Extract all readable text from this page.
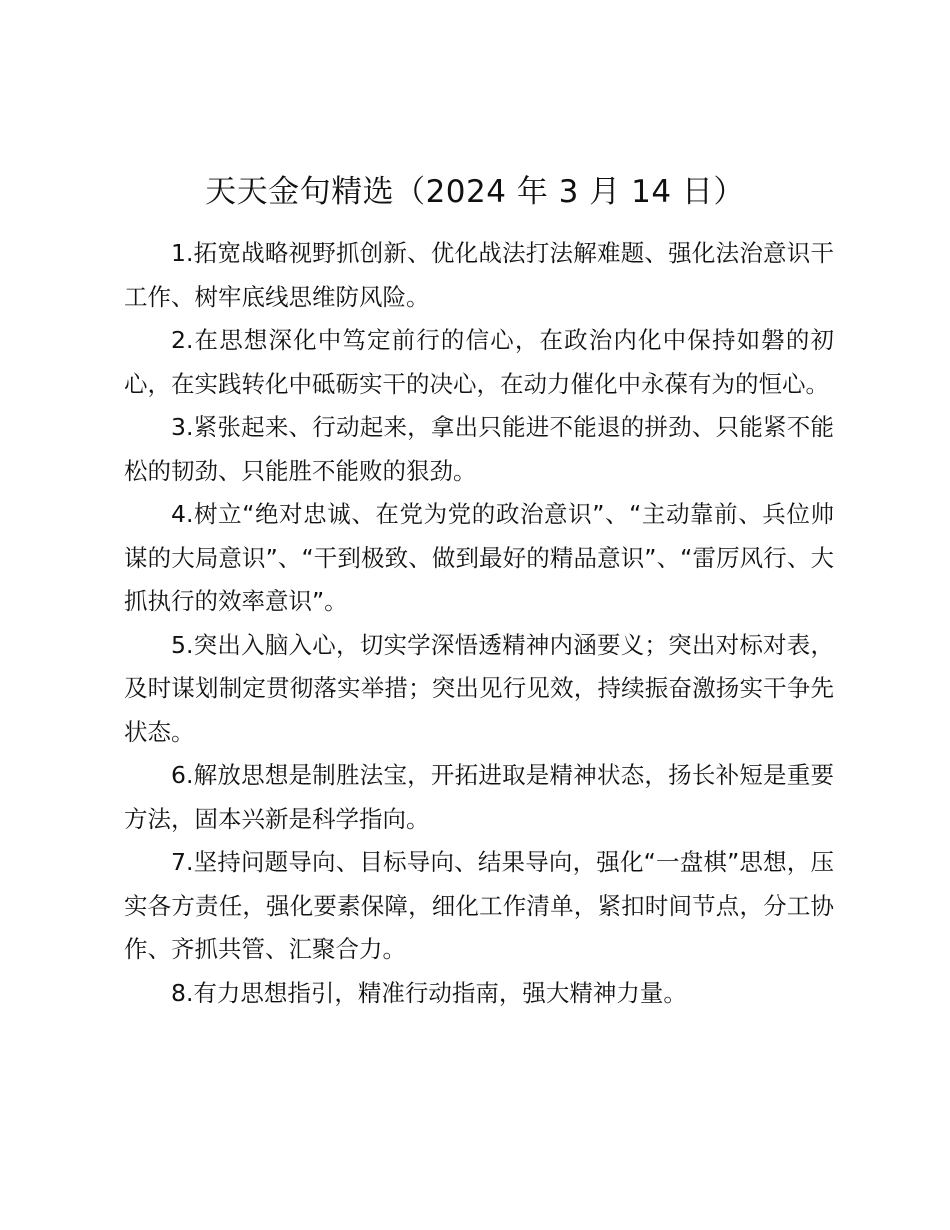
天天金句精选（2024 年 3 月 14 日）

1.拓宽战略视野抓创新、优化战法打法解难题、强化法治意识干工作、树牢底线思维防风险。

2.在思想深化中笃定前行的信心，在政治内化中保持如磐的初心，在实践转化中砥砺实干的决心，在动力催化中永葆有为的恒心。

3.紧张起来、行动起来，拿出只能进不能退的拼劲、只能紧不能松的韧劲、只能胜不能败的狠劲。

4.树立“绝对忠诚、在党为党的政治意识”、“主动靠前、兵位帅谋的大局意识”、“干到极致、做到最好的精品意识”、“雷厉风行、大抓执行的效率意识”。

5.突出入脑入心，切实学深悟透精神内涵要义；突出对标对表，及时谋划制定贯彻落实举措；突出见行见效，持续振奋激扬实干争先状态。

6.解放思想是制胜法宝，开拓进取是精神状态，扬长补短是重要方法，固本兴新是科学指向。

7.坚持问题导向、目标导向、结果导向，强化“一盘棋”思想，压实各方责任，强化要素保障，细化工作清单，紧扣时间节点，分工协作、齐抓共管、汇聚合力。

8.有力思想指引，精准行动指南，强大精神力量。
